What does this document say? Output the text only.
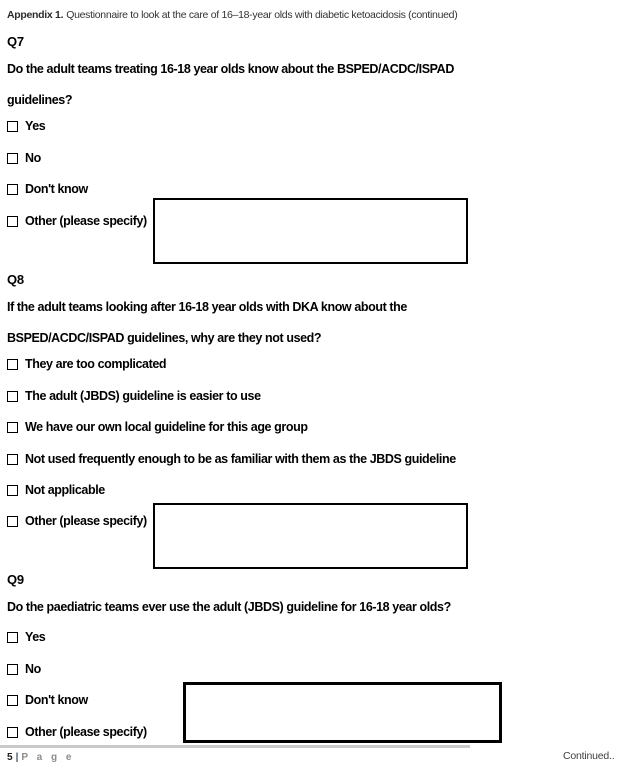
Appendix 1. Questionnaire to look at the care of 16–18-year olds with diabetic ketoacidosis (continued)
Q7
Do the adult teams treating 16-18 year olds know about the BSPED/ACDC/ISPAD
guidelines?
Yes
No
Don't know
Other (please specify)
Q8
If the adult teams looking after 16-18 year olds with DKA know about the
BSPED/ACDC/ISPAD guidelines, why are they not used?
They are too complicated
The adult (JBDS) guideline is easier to use
We have our own local guideline for this age group
Not used frequently enough to be as familiar with them as the JBDS guideline
Not applicable
Other (please specify)
Q9
Do the paediatric teams ever use the adult (JBDS) guideline for 16-18 year olds?
Yes
No
Don't know
Other (please specify)
5 | P a g e	Continued..
